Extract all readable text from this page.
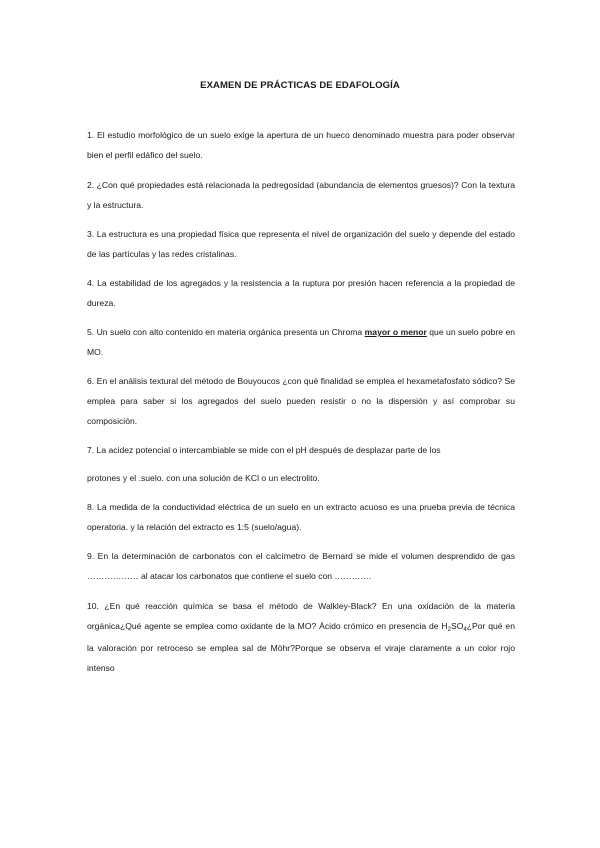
EXAMEN DE PRÁCTICAS DE EDAFOLOGÍA

1. El estudio morfológico de un suelo exige la apertura de un hueco denominado muestra para poder observar bien el perfil edáfico del suelo.

2. ¿Con qué propiedades está relacionada la pedregosidad (abundancia de elementos gruesos)? Con la textura y la estructura.

3. La estructura es una propiedad física que representa el nivel de organización del suelo y depende del estado de las partículas y las redes cristalinas.

4. La estabilidad de los agregados y la resistencia a la ruptura por presión hacen referencia a la propiedad de dureza.

5. Un suelo con alto contenido en materia orgánica presenta un Chroma mayor o menor que un suelo pobre en MO.

6. En el análisis textural del método de Bouyoucos ¿con qué finalidad se emplea el hexametafosfato sódico? Se emplea para saber si los agregados del suelo pueden resistir o no la dispersión y así comprobar su composición.

7. La acidez potencial o intercambiable se mide con el pH después de desplazar parte de los

protones y el .suelo. con una solución de KCl o un electrolito.

8. La medida de la conductividad eléctrica de un suelo en un extracto acuoso es una prueba previa de técnica operatoria. y la relación del extracto es 1:5 (suelo/agua).

9. En la determinación de carbonatos con el calcímetro de Bernard se mide el volumen desprendido de gas ……………… al atacar los carbonatos que contiene el suelo con ………….

10. ¿En qué reacción química se basa el método de Walkley-Black? En una oxidación de la materia orgánica¿Qué agente se emplea como oxidante de la MO? Ácido crómico en presencia de $H_2SO_4¿Por$ qué en la valoración por retroceso se emplea sal de Möhr?Porque se observa el viraje claramente a un color rojo intenso
